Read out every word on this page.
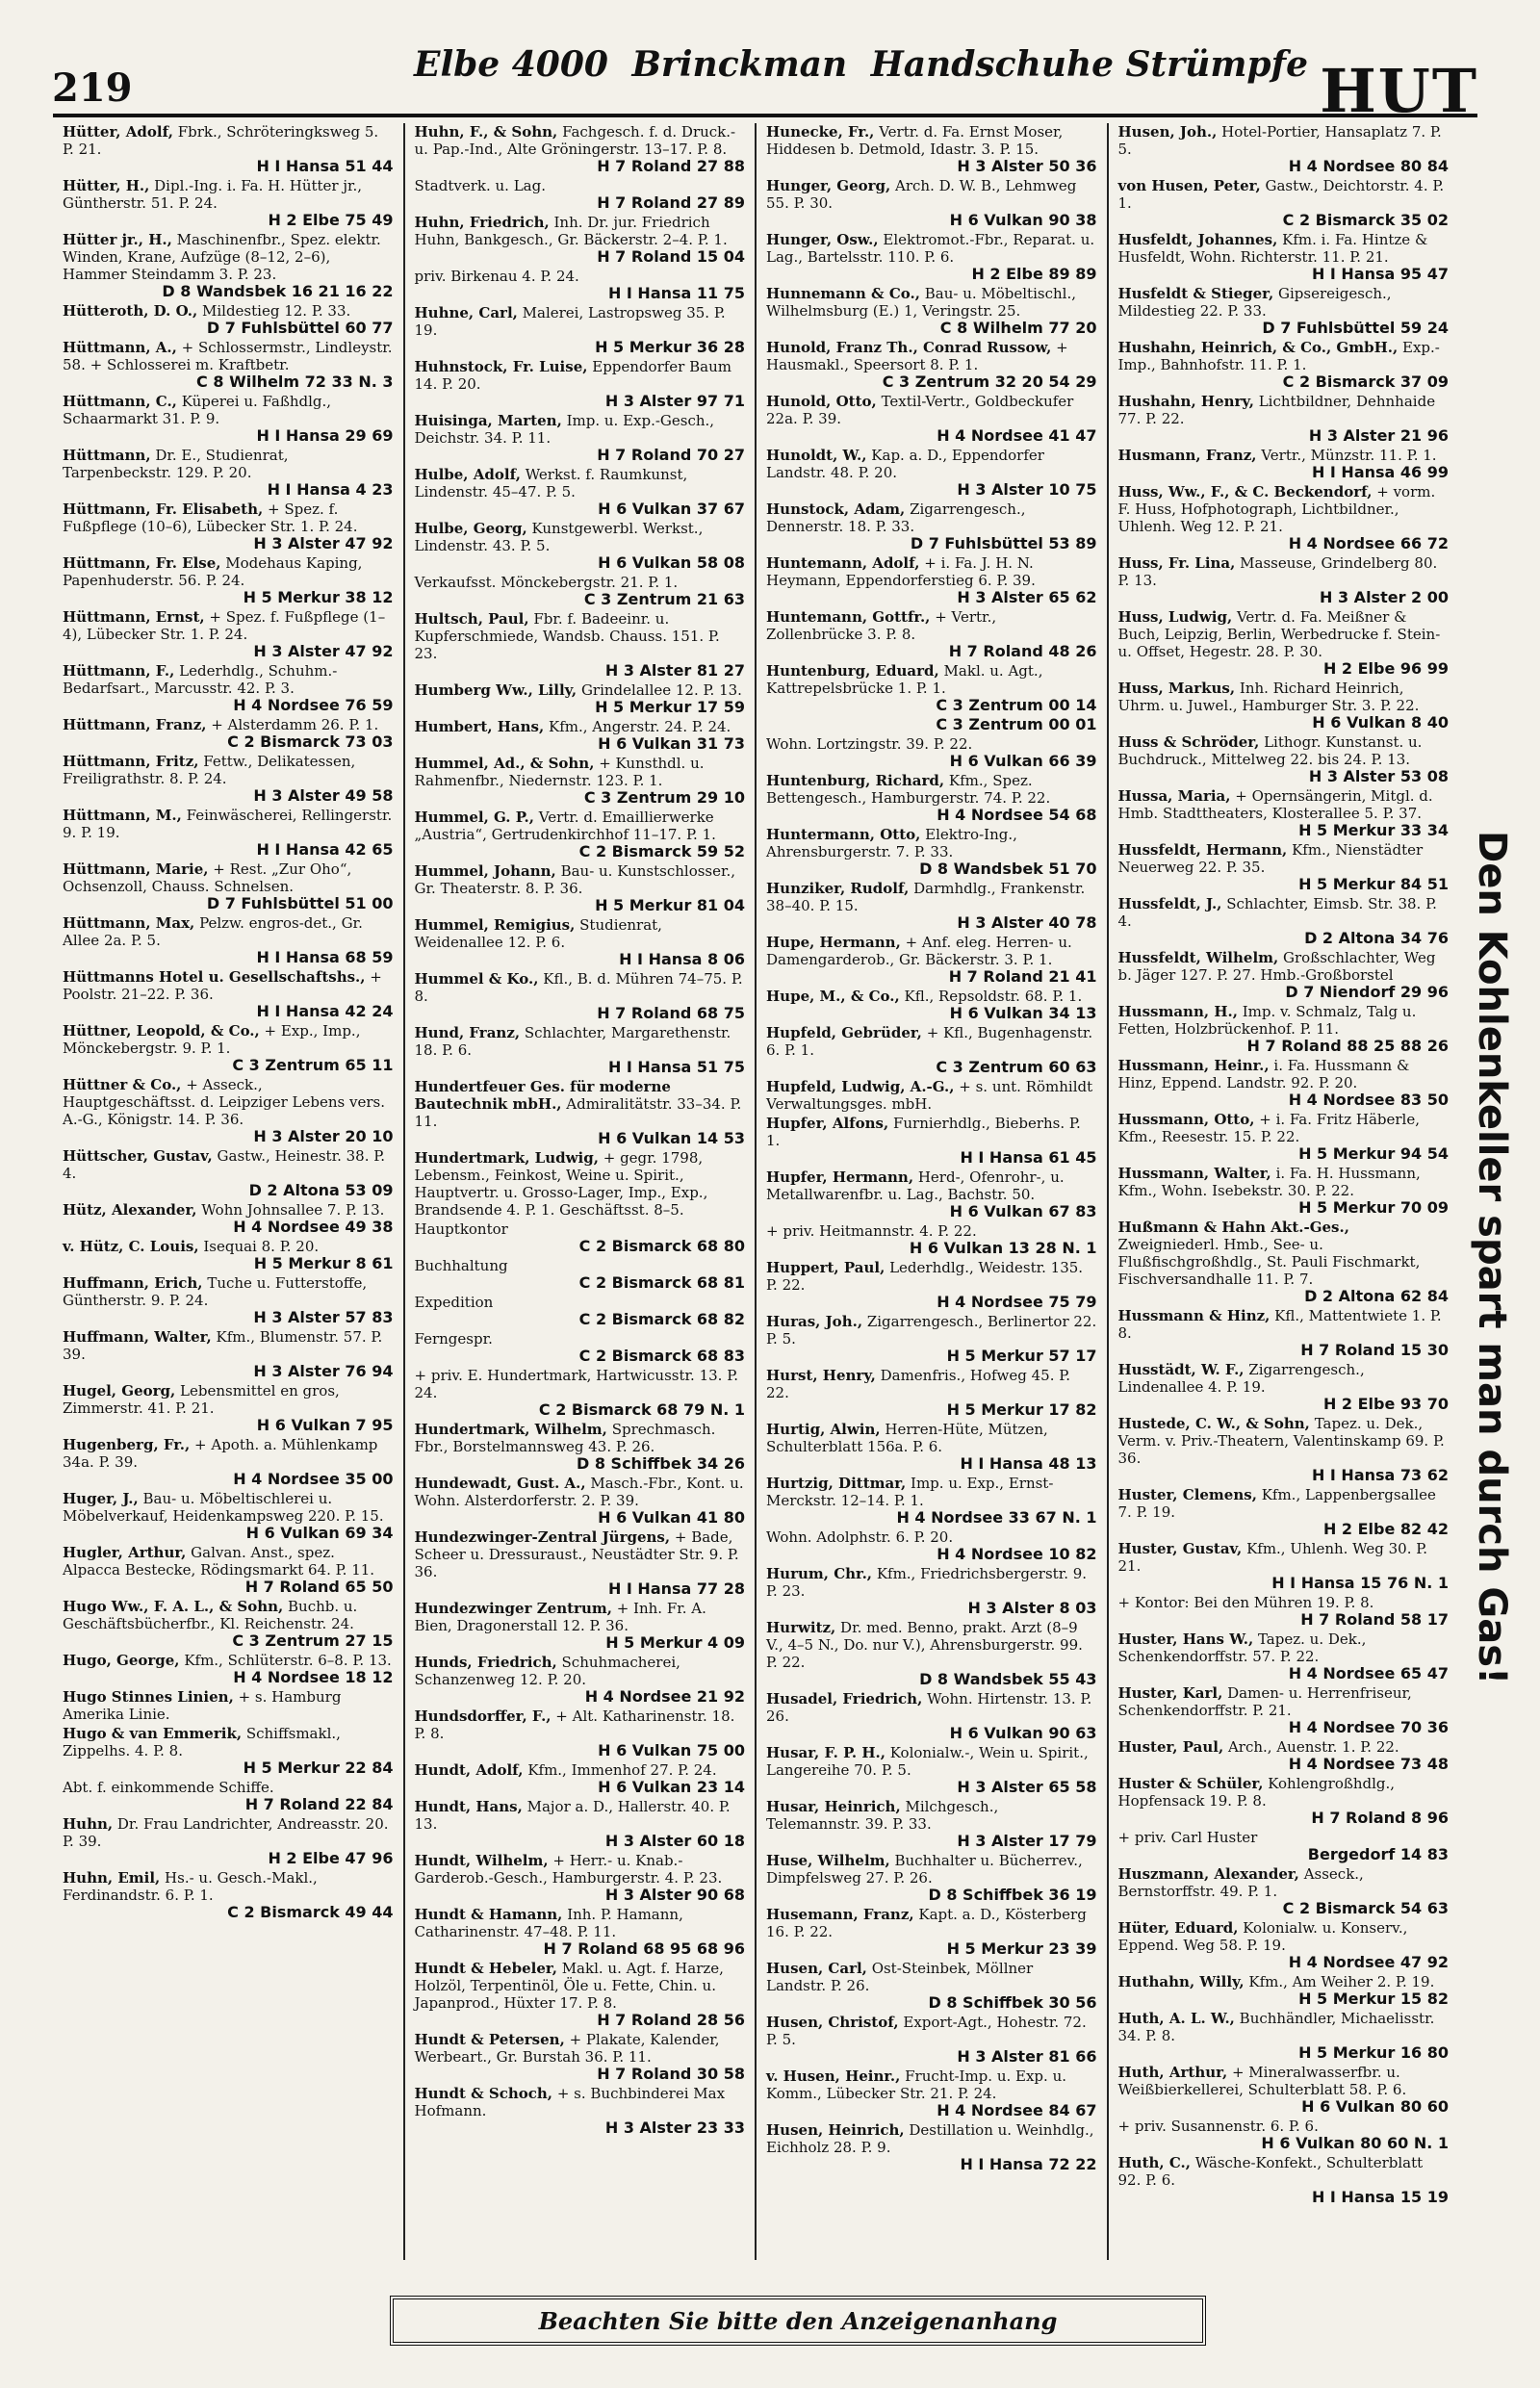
219
Elbe 4000 Brinckman Handschuhe Strümpfe HUT
Hütter, Adolf, Fbrk., Schröteringksweg 5. P. 21.
H I Hansa 51 44
Hütter, H., Dipl.-Ing. i. Fa. H. Hütter jr., Güntherstr. 51. P. 24.
H 2 Elbe 75 49
Hütter jr., H., Maschinenfbr., Spez. elektr. Winden, Krane, Aufzüge (8–12, 2–6), Hammer Steindamm 3. P. 23.
D 8 Wandsbek 16 21 16 22
Hütteroth, D. O., Mildestieg 12. P. 33.
D 7 Fuhlsbüttel 60 77
Hüttmann, A., + Schlossermstr., Lindleystr. 58. + Schlosserei m. Kraftbetr.
C 8 Wilhelm 72 33 N. 3
Hüttmann, C., Küperei u. Faßhdlg., Schaarmarkt 31. P. 9.
H I Hansa 29 69
Hüttmann, Dr. E., Studienrat, Tarpenbeckstr. 129. P. 20.
H I Hansa 4 23
Hüttmann, Fr. Elisabeth, + Spez. f. Fußpflege (10–6), Lübecker Str. 1. P. 24.
H 3 Alster 47 92
Hüttmann, Fr. Else, Modehaus Kaping, Papenhuderstr. 56. P. 24.
H 5 Merkur 38 12
Hüttmann, Ernst, + Spez. f. Fußpflege (1–4), Lübecker Str. 1. P. 24.
H 3 Alster 47 92
Hüttmann, F., Lederhdlg., Schuhm.-Bedarfsart., Marcusstr. 42. P. 3.
H 4 Nordsee 76 59
Hüttmann, Franz, + Alsterdamm 26. P. 1.
C 2 Bismarck 73 03
Hüttmann, Fritz, Fettw., Delikatessen, Freiligrathstr. 8. P. 24.
H 3 Alster 49 58
Hüttmann, M., Feinwäscherei, Rellingerstr. 9. P. 19.
H I Hansa 42 65
Hüttmann, Marie, + Rest. „Zur Oho“, Ochsenzoll, Chauss. Schnelsen.
D 7 Fuhlsbüttel 51 00
Hüttmann, Max, Pelzw. engros-det., Gr. Allee 2a. P. 5.
H I Hansa 68 59
Hüttmanns Hotel u. Gesellschaftshs., + Poolstr. 21–22. P. 36.
H I Hansa 42 24
Hüttner, Leopold, & Co., + Exp., Imp., Mönckebergstr. 9. P. 1.
C 3 Zentrum 65 11
Hüttner & Co., + Asseck., Hauptgeschäftsst. d. Leipziger Lebens vers. A.-G., Königstr. 14. P. 36.
H 3 Alster 20 10
Hüttscher, Gustav, Gastw., Heinestr. 38. P. 4.
D 2 Altona 53 09
Hütz, Alexander, Wohn Johnsallee 7. P. 13.
H 4 Nordsee 49 38
v. Hütz, C. Louis, Isequai 8. P. 20.
H 5 Merkur 8 61
Huffmann, Erich, Tuche u. Futterstoffe, Güntherstr. 9. P. 24.
H 3 Alster 57 83
Huffmann, Walter, Kfm., Blumenstr. 57. P. 39.
H 3 Alster 76 94
Hugel, Georg, Lebensmittel en gros, Zimmerstr. 41. P. 21.
H 6 Vulkan 7 95
Hugenberg, Fr., + Apoth. a. Mühlenkamp 34a. P. 39.
H 4 Nordsee 35 00
Huger, J., Bau- u. Möbeltischlerei u. Möbelverkauf, Heidenkampsweg 220. P. 15.
H 6 Vulkan 69 34
Hugler, Arthur, Galvan. Anst., spez. Alpacca Bestecke, Rödingsmarkt 64. P. 11.
H 7 Roland 65 50
Hugo Ww., F. A. L., & Sohn, Buchb. u. Geschäftsbücherfbr., Kl. Reichenstr. 24.
C 3 Zentrum 27 15
Hugo, George, Kfm., Schlüterstr. 6–8. P. 13.
H 4 Nordsee 18 12
Hugo Stinnes Linien, + s. Hamburg Amerika Linie.
Hugo & van Emmerik, Schiffsmakl., Zippelhs. 4. P. 8.
H 5 Merkur 22 84
Abt. f. einkommende Schiffe.
H 7 Roland 22 84
Huhn, Dr. Frau Landrichter, Andreasstr. 20. P. 39.
H 2 Elbe 47 96
Huhn, Emil, Hs.- u. Gesch.-Makl., Ferdinandstr. 6. P. 1.
C 2 Bismarck 49 44
Huhn, F., & Sohn, Fachgesch. f. d. Druck.- u. Pap.-Ind., Alte Gröningerstr. 13–17. P. 8.
H 7 Roland 27 88
Stadtverk. u. Lag.
H 7 Roland 27 89
Huhn, Friedrich, Inh. Dr. jur. Friedrich Huhn, Bankgesch., Gr. Bäckerstr. 2–4. P. 1.
H 7 Roland 15 04
priv. Birkenau 4. P. 24.
H I Hansa 11 75
Huhne, Carl, Malerei, Lastropsweg 35. P. 19.
H 5 Merkur 36 28
Huhnstock, Fr. Luise, Eppendorfer Baum 14. P. 20.
H 3 Alster 97 71
Huisinga, Marten, Imp. u. Exp.-Gesch., Deichstr. 34. P. 11.
H 7 Roland 70 27
Hulbe, Adolf, Werkst. f. Raumkunst, Lindenstr. 45–47. P. 5.
H 6 Vulkan 37 67
Hulbe, Georg, Kunstgewerbl. Werkst., Lindenstr. 43. P. 5.
H 6 Vulkan 58 08
Verkaufsst. Mönckebergstr. 21. P. 1.
C 3 Zentrum 21 63
Hultsch, Paul, Fbr. f. Badeeinr. u. Kupferschmiede, Wandsb. Chauss. 151. P. 23.
H 3 Alster 81 27
Humberg Ww., Lilly, Grindelallee 12. P. 13.
H 5 Merkur 17 59
Humbert, Hans, Kfm., Angerstr. 24. P. 24.
H 6 Vulkan 31 73
Hummel, Ad., & Sohn, + Kunsthdl. u. Rahmenfbr., Niedernstr. 123. P. 1.
C 3 Zentrum 29 10
Hummel, G. P., Vertr. d. Emaillierwerke „Austria“, Gertrudenkirchhof 11–17. P. 1.
C 2 Bismarck 59 52
Hummel, Johann, Bau- u. Kunstschlosser., Gr. Theaterstr. 8. P. 36.
H 5 Merkur 81 04
Hummel, Remigius, Studienrat, Weidenallee 12. P. 6.
H I Hansa 8 06
Hummel & Ko., Kfl., B. d. Mühren 74–75. P. 8.
H 7 Roland 68 75
Hund, Franz, Schlachter, Margarethenstr. 18. P. 6.
H I Hansa 51 75
Hundertfeuer Ges. für moderne Bautechnik mbH., Admiralitätstr. 33–34. P. 11.
H 6 Vulkan 14 53
Hundertmark, Ludwig, + gegr. 1798, Lebensm., Feinkost, Weine u. Spirit., Hauptvertr. u. Grosso-Lager, Imp., Exp., Brandsende 4. P. 1. Geschäftsst. 8–5.
Hauptkontor
C 2 Bismarck 68 80
Buchhaltung
C 2 Bismarck 68 81
Expedition
C 2 Bismarck 68 82
Ferngespr.
C 2 Bismarck 68 83
+ priv. E. Hundertmark, Hartwicusstr. 13. P. 24.
C 2 Bismarck 68 79 N. 1
Hundertmark, Wilhelm, Sprechmasch. Fbr., Borstelmannsweg 43. P. 26.
D 8 Schiffbek 34 26
Hundewadt, Gust. A., Masch.-Fbr., Kont. u. Wohn. Alsterdorferstr. 2. P. 39.
H 6 Vulkan 41 80
Hundezwinger-Zentral Jürgens, + Bade, Scheer u. Dressuraust., Neustädter Str. 9. P. 36.
H I Hansa 77 28
Hundezwinger Zentrum, + Inh. Fr. A. Bien, Dragonerstall 12. P. 36.
H 5 Merkur 4 09
Hunds, Friedrich, Schuhmacherei, Schanzenweg 12. P. 20.
H 4 Nordsee 21 92
Hundsdorffer, F., + Alt. Katharinenstr. 18. P. 8.
H 6 Vulkan 75 00
Hundt, Adolf, Kfm., Immenhof 27. P. 24.
H 6 Vulkan 23 14
Hundt, Hans, Major a. D., Hallerstr. 40. P. 13.
H 3 Alster 60 18
Hundt, Wilhelm, + Herr.- u. Knab.-Garderob.-Gesch., Hamburgerstr. 4. P. 23.
H 3 Alster 90 68
Hundt & Hamann, Inh. P. Hamann, Catharinenstr. 47–48. P. 11.
H 7 Roland 68 95 68 96
Hundt & Hebeler, Makl. u. Agt. f. Harze, Holzöl, Terpentinöl, Öle u. Fette, Chin. u. Japanprod., Hüxter 17. P. 8.
H 7 Roland 28 56
Hundt & Petersen, + Plakate, Kalender, Werbeart., Gr. Burstah 36. P. 11.
H 7 Roland 30 58
Hundt & Schoch, + s. Buchbinderei Max Hofmann.
H 3 Alster 23 33
Hunecke, Fr., Vertr. d. Fa. Ernst Moser, Hiddesen b. Detmold, Idastr. 3. P. 15.
H 3 Alster 50 36
Hunger, Georg, Arch. D. W. B., Lehmweg 55. P. 30.
H 6 Vulkan 90 38
Hunger, Osw., Elektromot.-Fbr., Reparat. u. Lag., Bartelsstr. 110. P. 6.
H 2 Elbe 89 89
Hunnemann & Co., Bau- u. Möbeltischl., Wilhelmsburg (E.) 1, Veringstr. 25.
C 8 Wilhelm 77 20
Hunold, Franz Th., Conrad Russow, + Hausmakl., Speersort 8. P. 1.
C 3 Zentrum 32 20 54 29
Hunold, Otto, Textil-Vertr., Goldbeckufer 22a. P. 39.
H 4 Nordsee 41 47
Hunoldt, W., Kap. a. D., Eppendorfer Landstr. 48. P. 20.
H 3 Alster 10 75
Hunstock, Adam, Zigarrengesch., Dennerstr. 18. P. 33.
D 7 Fuhlsbüttel 53 89
Huntemann, Adolf, + i. Fa. J. H. N. Heymann, Eppendorferstieg 6. P. 39.
H 3 Alster 65 62
Huntemann, Gottfr., + Vertr., Zollenbrücke 3. P. 8.
H 7 Roland 48 26
Huntenburg, Eduard, Makl. u. Agt., Kattrepelsbrücke 1. P. 1.
C 3 Zentrum 00 14
C 3 Zentrum 00 01
Wohn. Lortzingstr. 39. P. 22.
H 6 Vulkan 66 39
Huntenburg, Richard, Kfm., Spez. Bettengesch., Hamburgerstr. 74. P. 22.
H 4 Nordsee 54 68
Huntermann, Otto, Elektro-Ing., Ahrensburgerstr. 7. P. 33.
D 8 Wandsbek 51 70
Hunziker, Rudolf, Darmhdlg., Frankenstr. 38–40. P. 15.
H 3 Alster 40 78
Hupe, Hermann, + Anf. eleg. Herren- u. Damengarderob., Gr. Bäckerstr. 3. P. 1.
H 7 Roland 21 41
Hupe, M., & Co., Kfl., Repsoldstr. 68. P. 1.
H 6 Vulkan 34 13
Hupfeld, Gebrüder, + Kfl., Bugenhagenstr. 6. P. 1.
C 3 Zentrum 60 63
Hupfeld, Ludwig, A.-G., + s. unt. Römhildt Verwaltungsges. mbH.
Hupfer, Alfons, Furnierhdlg., Bieberhs. P. 1.
H I Hansa 61 45
Hupfer, Hermann, Herd-, Ofenrohr-, u. Metallwarenfbr. u. Lag., Bachstr. 50.
H 6 Vulkan 67 83
+ priv. Heitmannstr. 4. P. 22.
H 6 Vulkan 13 28 N. 1
Huppert, Paul, Lederhdlg., Weidestr. 135. P. 22.
H 4 Nordsee 75 79
Huras, Joh., Zigarrengesch., Berlinertor 22. P. 5.
H 5 Merkur 57 17
Hurst, Henry, Damenfris., Hofweg 45. P. 22.
H 5 Merkur 17 82
Hurtig, Alwin, Herren-Hüte, Mützen, Schulterblatt 156a. P. 6.
H I Hansa 48 13
Hurtzig, Dittmar, Imp. u. Exp., Ernst-Merckstr. 12–14. P. 1.
H 4 Nordsee 33 67 N. 1
Wohn. Adolphstr. 6. P. 20.
H 4 Nordsee 10 82
Hurum, Chr., Kfm., Friedrichsbergerstr. 9. P. 23.
H 3 Alster 8 03
Hurwitz, Dr. med. Benno, prakt. Arzt (8–9 V., 4–5 N., Do. nur V.), Ahrensburgerstr. 99. P. 22.
D 8 Wandsbek 55 43
Husadel, Friedrich, Wohn. Hirtenstr. 13. P. 26.
H 6 Vulkan 90 63
Husar, F. P. H., Kolonialw.-, Wein u. Spirit., Langereihe 70. P. 5.
H 3 Alster 65 58
Husar, Heinrich, Milchgesch., Telemannstr. 39. P. 33.
H 3 Alster 17 79
Huse, Wilhelm, Buchhalter u. Bücherrev., Dimpfelsweg 27. P. 26.
D 8 Schiffbek 36 19
Husemann, Franz, Kapt. a. D., Kösterberg 16. P. 22.
H 5 Merkur 23 39
Husen, Carl, Ost-Steinbek, Möllner Landstr. P. 26.
D 8 Schiffbek 30 56
Husen, Christof, Export-Agt., Hohestr. 72. P. 5.
H 3 Alster 81 66
v. Husen, Heinr., Frucht-Imp. u. Exp. u. Komm., Lübecker Str. 21. P. 24.
H 4 Nordsee 84 67
Husen, Heinrich, Destillation u. Weinhdlg., Eichholz 28. P. 9.
H I Hansa 72 22
Husen, Joh., Hotel-Portier, Hansaplatz 7. P. 5.
H 4 Nordsee 80 84
von Husen, Peter, Gastw., Deichtorstr. 4. P. 1.
C 2 Bismarck 35 02
Husfeldt, Johannes, Kfm. i. Fa. Hintze & Husfeldt, Wohn. Richterstr. 11. P. 21.
H I Hansa 95 47
Husfeldt & Stieger, Gipsereigesch., Mildestieg 22. P. 33.
D 7 Fuhlsbüttel 59 24
Hushahn, Heinrich, & Co., GmbH., Exp.-Imp., Bahnhofstr. 11. P. 1.
C 2 Bismarck 37 09
Hushahn, Henry, Lichtbildner, Dehnhaide 77. P. 22.
H 3 Alster 21 96
Husmann, Franz, Vertr., Münzstr. 11. P. 1.
H I Hansa 46 99
Huss, Ww., F., & C. Beckendorf, + vorm. F. Huss, Hofphotograph, Lichtbildner., Uhlenh. Weg 12. P. 21.
H 4 Nordsee 66 72
Huss, Fr. Lina, Masseuse, Grindelberg 80. P. 13.
H 3 Alster 2 00
Huss, Ludwig, Vertr. d. Fa. Meißner & Buch, Leipzig, Berlin, Werbedrucke f. Stein- u. Offset, Hegestr. 28. P. 30.
H 2 Elbe 96 99
Huss, Markus, Inh. Richard Heinrich, Uhrm. u. Juwel., Hamburger Str. 3. P. 22.
H 6 Vulkan 8 40
Huss & Schröder, Lithogr. Kunstanst. u. Buchdruck., Mittelweg 22. bis 24. P. 13.
H 3 Alster 53 08
Hussa, Maria, + Opernsängerin, Mitgl. d. Hmb. Stadttheaters, Klosterallee 5. P. 37.
H 5 Merkur 33 34
Hussfeldt, Hermann, Kfm., Nienstädter Neuerweg 22. P. 35.
H 5 Merkur 84 51
Hussfeldt, J., Schlachter, Eimsb. Str. 38. P. 4.
D 2 Altona 34 76
Hussfeldt, Wilhelm, Großschlachter, Weg b. Jäger 127. P. 27. Hmb.-Großborstel
D 7 Niendorf 29 96
Hussmann, H., Imp. v. Schmalz, Talg u. Fetten, Holzbrückenhof. P. 11.
H 7 Roland 88 25 88 26
Hussmann, Heinr., i. Fa. Hussmann & Hinz, Eppend. Landstr. 92. P. 20.
H 4 Nordsee 83 50
Hussmann, Otto, + i. Fa. Fritz Häberle, Kfm., Reesestr. 15. P. 22.
H 5 Merkur 94 54
Hussmann, Walter, i. Fa. H. Hussmann, Kfm., Wohn. Isebekstr. 30. P. 22.
H 5 Merkur 70 09
Hußmann & Hahn Akt.-Ges., Zweigniederl. Hmb., See- u. Flußfischgroßhdlg., St. Pauli Fischmarkt, Fischversandhalle 11. P. 7.
D 2 Altona 62 84
Hussmann & Hinz, Kfl., Mattentwiete 1. P. 8.
H 7 Roland 15 30
Husstädt, W. F., Zigarrengesch., Lindenallee 4. P. 19.
H 2 Elbe 93 70
Hustede, C. W., & Sohn, Tapez. u. Dek., Verm. v. Priv.-Theatern, Valentinskamp 69. P. 36.
H I Hansa 73 62
Huster, Clemens, Kfm., Lappenbergsallee 7. P. 19.
H 2 Elbe 82 42
Huster, Gustav, Kfm., Uhlenh. Weg 30. P. 21.
H I Hansa 15 76 N. 1
+ Kontor: Bei den Mühren 19. P. 8.
H 7 Roland 58 17
Huster, Hans W., Tapez. u. Dek., Schenkendorffstr. 57. P. 22.
H 4 Nordsee 65 47
Huster, Karl, Damen- u. Herrenfriseur, Schenkendorffstr. P. 21.
H 4 Nordsee 70 36
Huster, Paul, Arch., Auenstr. 1. P. 22.
H 4 Nordsee 73 48
Huster & Schüler, Kohlengroßhdlg., Hopfensack 19. P. 8.
H 7 Roland 8 96
+ priv. Carl Huster
Bergedorf 14 83
Huszmann, Alexander, Asseck., Bernstorffstr. 49. P. 1.
C 2 Bismarck 54 63
Hüter, Eduard, Kolonialw. u. Konserv., Eppend. Weg 58. P. 19.
H 4 Nordsee 47 92
Huthahn, Willy, Kfm., Am Weiher 2. P. 19.
H 5 Merkur 15 82
Huth, A. L. W., Buchhändler, Michaelisstr. 34. P. 8.
H 5 Merkur 16 80
Huth, Arthur, + Mineralwasserfbr. u. Weißbierkellerei, Schulterblatt 58. P. 6.
H 6 Vulkan 80 60
+ priv. Susannenstr. 6. P. 6.
H 6 Vulkan 80 60 N. 1
Huth, C., Wäsche-Konfekt., Schulterblatt 92. P. 6.
H I Hansa 15 19
Den Kohlenkeller spart man durch Gas!
Beachten Sie bitte den Anzeigenanhang
